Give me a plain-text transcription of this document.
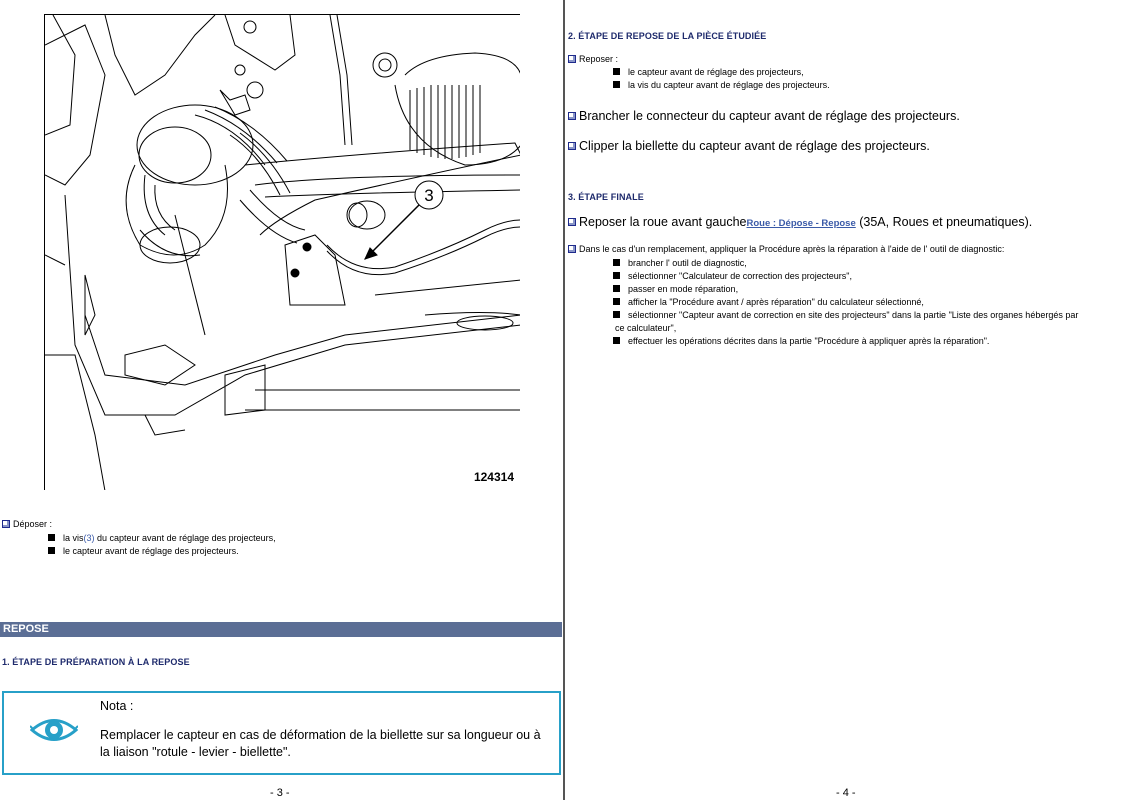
3
124314
Déposer :
la vis(3) du capteur avant de réglage des projecteurs,
le capteur avant de réglage des projecteurs.
REPOSE
1. ÉTAPE DE PRÉPARATION À LA REPOSE
Nota :
Remplacer le capteur en cas de déformation de la biellette sur sa longueur ou à la liaison "rotule - levier - biellette".
- 3 -
2. ÉTAPE DE REPOSE DE LA PIÈCE ÉTUDIÉE
Reposer :
le capteur avant de réglage des projecteurs,
la vis du capteur avant de réglage des projecteurs.
Brancher le connecteur du capteur avant de réglage des projecteurs.
Clipper la biellette du capteur avant de réglage des projecteurs.
3. ÉTAPE FINALE
Reposer la roue avant gaucheRoue : Dépose - Repose (35A, Roues et pneumatiques).
Dans le cas d'un remplacement, appliquer la Procédure après la réparation à l'aide de l' outil de diagnostic:
brancher l' outil de diagnostic,
sélectionner "Calculateur de correction des projecteurs",
passer en mode réparation,
afficher la "Procédure avant / après réparation" du calculateur sélectionné,
sélectionner "Capteur avant de correction en site des projecteurs" dans la partie "Liste des organes hébergés par
ce calculateur",
effectuer les opérations décrites dans la partie "Procédure à appliquer après la réparation".
- 4 -
